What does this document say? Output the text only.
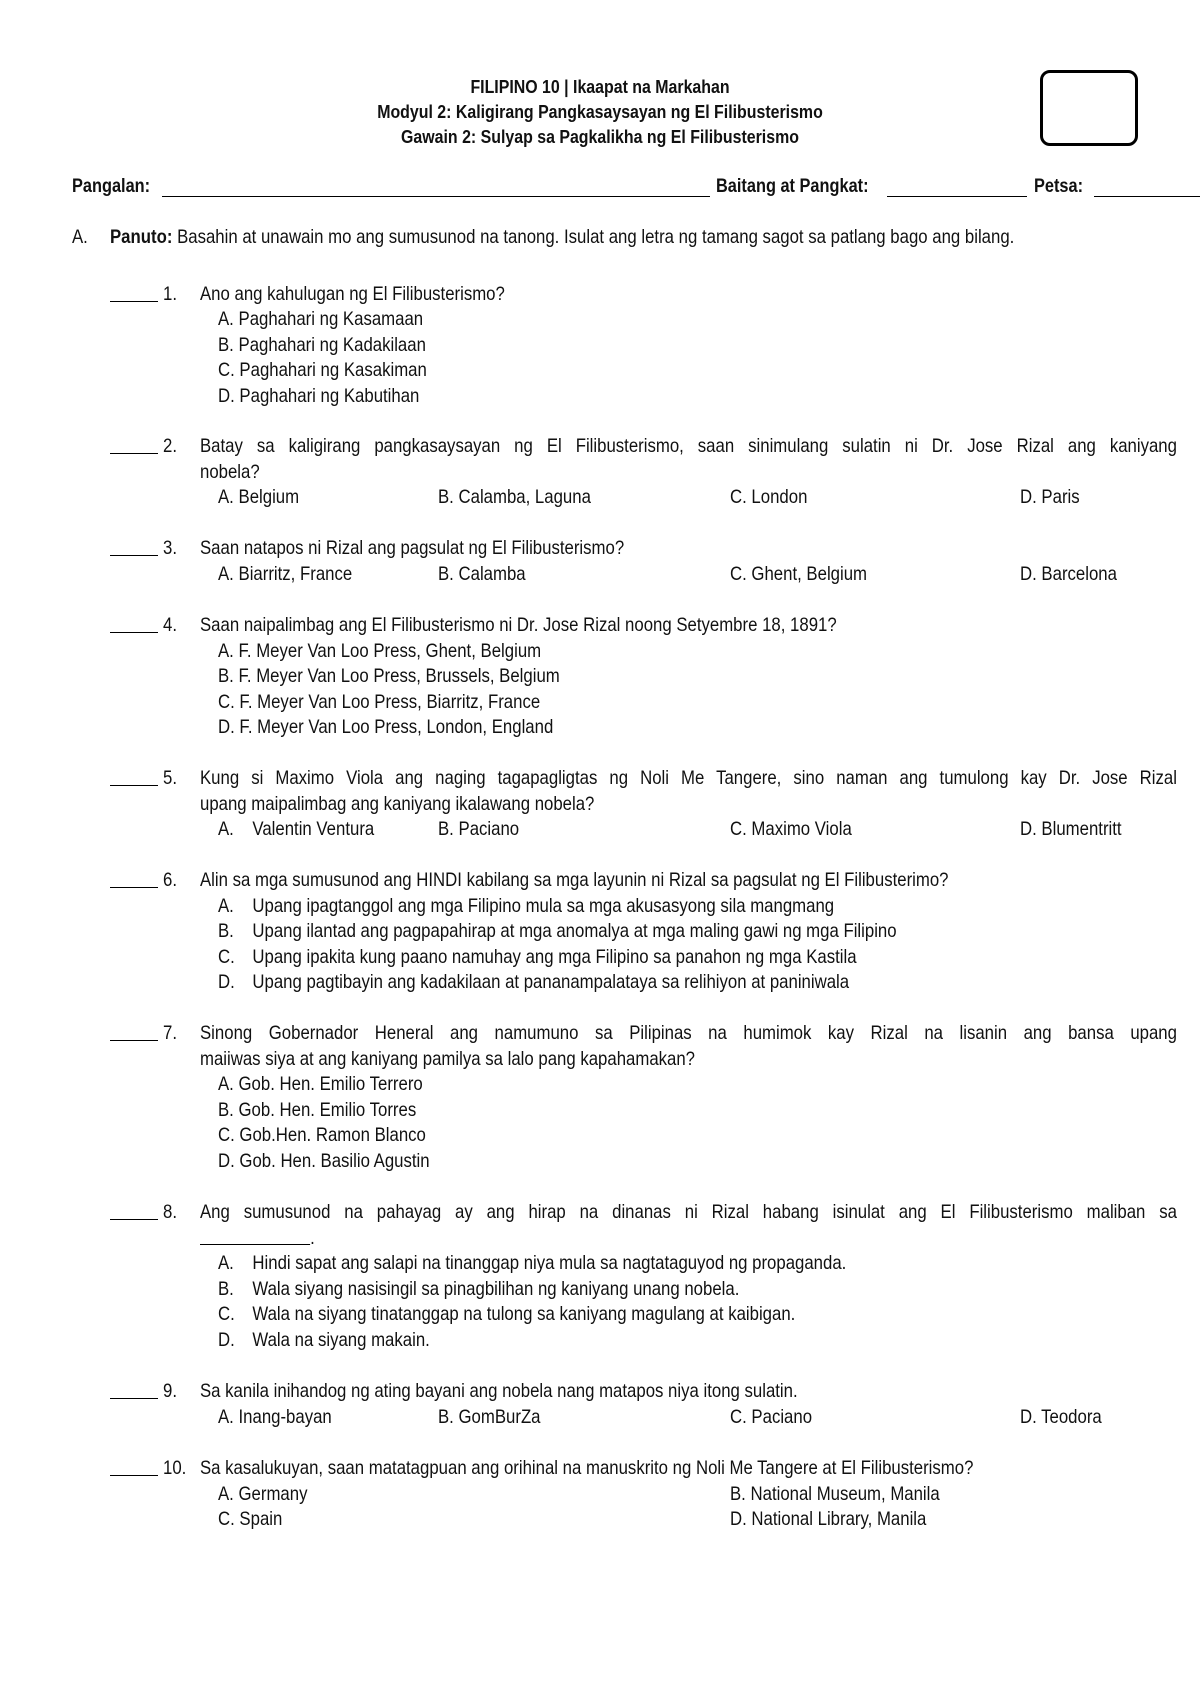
FILIPINO 10 | Ikaapat na Markahan
Modyul 2: Kaligirang Pangkasaysayan ng El Filibusterismo
Gawain 2: Sulyap sa Pagkalikha ng El Filibusterismo
Pangalan:	Baitang at Pangkat:	Petsa:
A. Panuto: Basahin at unawain mo ang sumusunod na tanong. Isulat ang letra ng tamang sagot sa patlang bago ang bilang.
1. Ano ang kahulugan ng El Filibusterismo?
A. Paghahari ng Kasamaan
B. Paghahari ng Kadakilaan
C. Paghahari ng Kasakiman
D. Paghahari ng Kabutihan
2. Batay sa kaligirang pangkasaysayan ng El Filibusterismo, saan sinimulang sulatin ni Dr. Jose Rizal ang kaniyang
nobela?
A. Belgium	B. Calamba, Laguna	C. London	D. Paris
3. Saan natapos ni Rizal ang pagsulat ng El Filibusterismo?
A. Biarritz, France	B. Calamba	C. Ghent, Belgium	D. Barcelona
4. Saan naipalimbag ang El Filibusterismo ni Dr. Jose Rizal noong Setyembre 18, 1891?
A. F. Meyer Van Loo Press, Ghent, Belgium
B. F. Meyer Van Loo Press, Brussels, Belgium
C. F. Meyer Van Loo Press, Biarritz, France
D. F. Meyer Van Loo Press, London, England
5. Kung si Maximo Viola ang naging tagapagligtas ng Noli Me Tangere, sino naman ang tumulong kay Dr. Jose Rizal
upang maipalimbag ang kaniyang ikalawang nobela?
A. Valentin Ventura	B. Paciano	C. Maximo Viola	D. Blumentritt
6. Alin sa mga sumusunod ang HINDI kabilang sa mga layunin ni Rizal sa pagsulat ng El Filibusterimo?
A. Upang ipagtanggol ang mga Filipino mula sa mga akusasyong sila mangmang
B. Upang ilantad ang pagpapahirap at mga anomalya at mga maling gawi ng mga Filipino
C. Upang ipakita kung paano namuhay ang mga Filipino sa panahon ng mga Kastila
D. Upang pagtibayin ang kadakilaan at pananampalataya sa relihiyon at paniniwala
7. Sinong Gobernador Heneral ang namumuno sa Pilipinas na humimok kay Rizal na lisanin ang bansa upang
maiiwas siya at ang kaniyang pamilya sa lalo pang kapahamakan?
A. Gob. Hen. Emilio Terrero
B. Gob. Hen. Emilio Torres
C. Gob.Hen. Ramon Blanco
D. Gob. Hen. Basilio Agustin
8. Ang sumusunod na pahayag ay ang hirap na dinanas ni Rizal habang isinulat ang El Filibusterismo maliban sa
.
A. Hindi sapat ang salapi na tinanggap niya mula sa nagtataguyod ng propaganda.
B. Wala siyang nasisingil sa pinagbilihan ng kaniyang unang nobela.
C. Wala na siyang tinatanggap na tulong sa kaniyang magulang at kaibigan.
D. Wala na siyang makain.
9. Sa kanila inihandog ng ating bayani ang nobela nang matapos niya itong sulatin.
A. Inang-bayan	B. GomBurZa	C. Paciano	D. Teodora
10. Sa kasalukuyan, saan matatagpuan ang orihinal na manuskrito ng Noli Me Tangere at El Filibusterismo?
A. Germany	B. National Museum, Manila
C. Spain	D. National Library, Manila
